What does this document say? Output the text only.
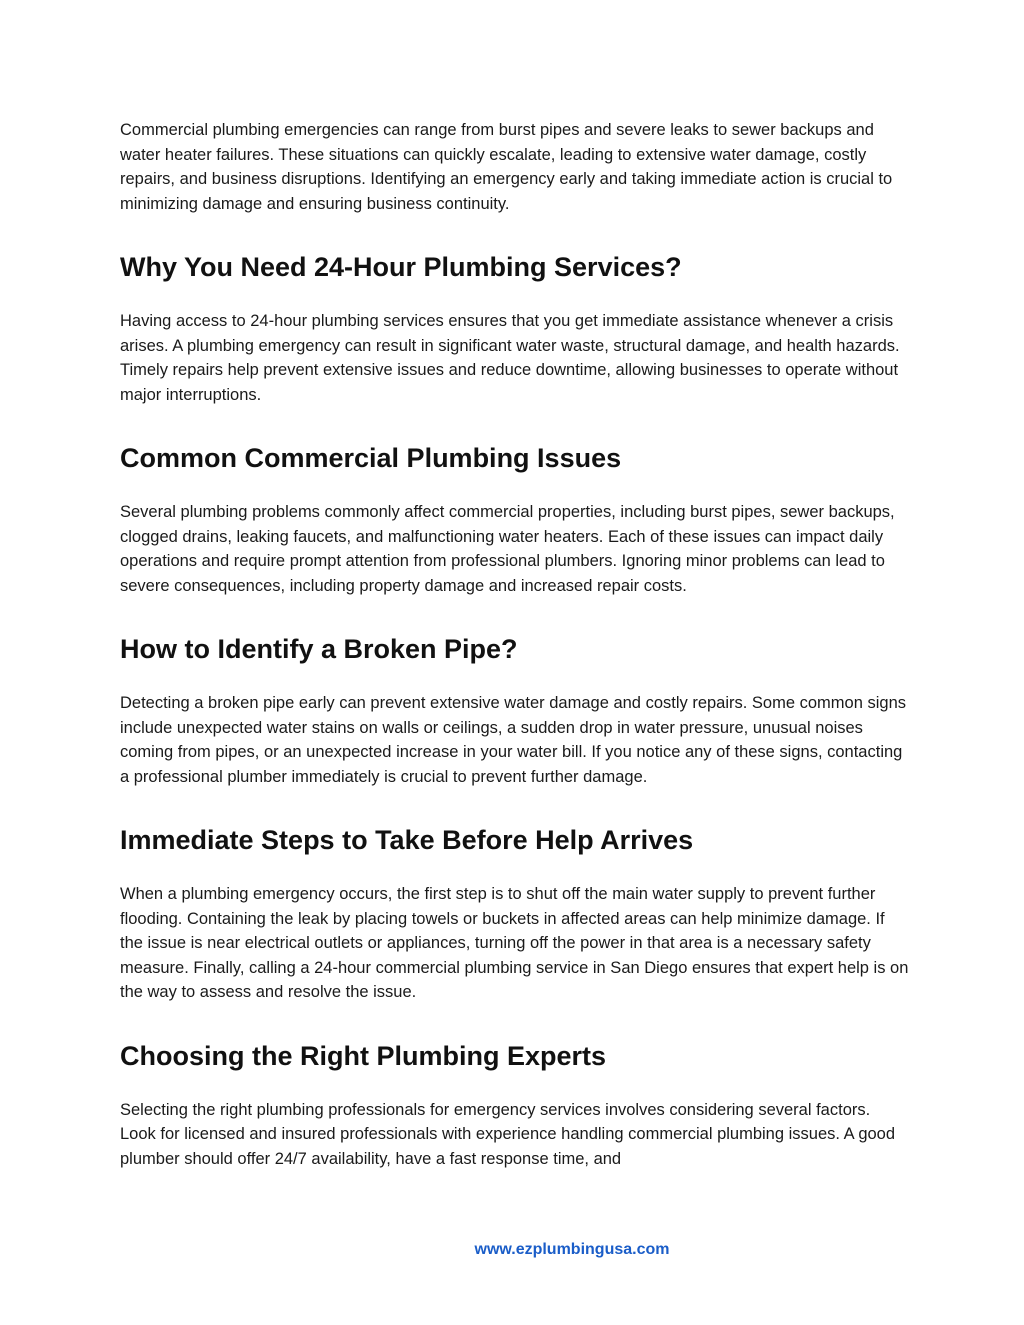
Commercial plumbing emergencies can range from burst pipes and severe leaks to sewer backups and water heater failures. These situations can quickly escalate, leading to extensive water damage, costly repairs, and business disruptions. Identifying an emergency early and taking immediate action is crucial to minimizing damage and ensuring business continuity.

Why You Need 24-Hour Plumbing Services?

Having access to 24-hour plumbing services ensures that you get immediate assistance whenever a crisis arises. A plumbing emergency can result in significant water waste, structural damage, and health hazards. Timely repairs help prevent extensive issues and reduce downtime, allowing businesses to operate without major interruptions.

Common Commercial Plumbing Issues

Several plumbing problems commonly affect commercial properties, including burst pipes, sewer backups, clogged drains, leaking faucets, and malfunctioning water heaters. Each of these issues can impact daily operations and require prompt attention from professional plumbers. Ignoring minor problems can lead to severe consequences, including property damage and increased repair costs.

How to Identify a Broken Pipe?

Detecting a broken pipe early can prevent extensive water damage and costly repairs. Some common signs include unexpected water stains on walls or ceilings, a sudden drop in water pressure, unusual noises coming from pipes, or an unexpected increase in your water bill. If you notice any of these signs, contacting a professional plumber immediately is crucial to prevent further damage.

Immediate Steps to Take Before Help Arrives

When a plumbing emergency occurs, the first step is to shut off the main water supply to prevent further flooding. Containing the leak by placing towels or buckets in affected areas can help minimize damage. If the issue is near electrical outlets or appliances, turning off the power in that area is a necessary safety measure. Finally, calling a 24-hour commercial plumbing service in San Diego ensures that expert help is on the way to assess and resolve the issue.

Choosing the Right Plumbing Experts

Selecting the right plumbing professionals for emergency services involves considering several factors. Look for licensed and insured professionals with experience handling commercial plumbing issues. A good plumber should offer 24/7 availability, have a fast response time, and

www.ezplumbingusa.com
